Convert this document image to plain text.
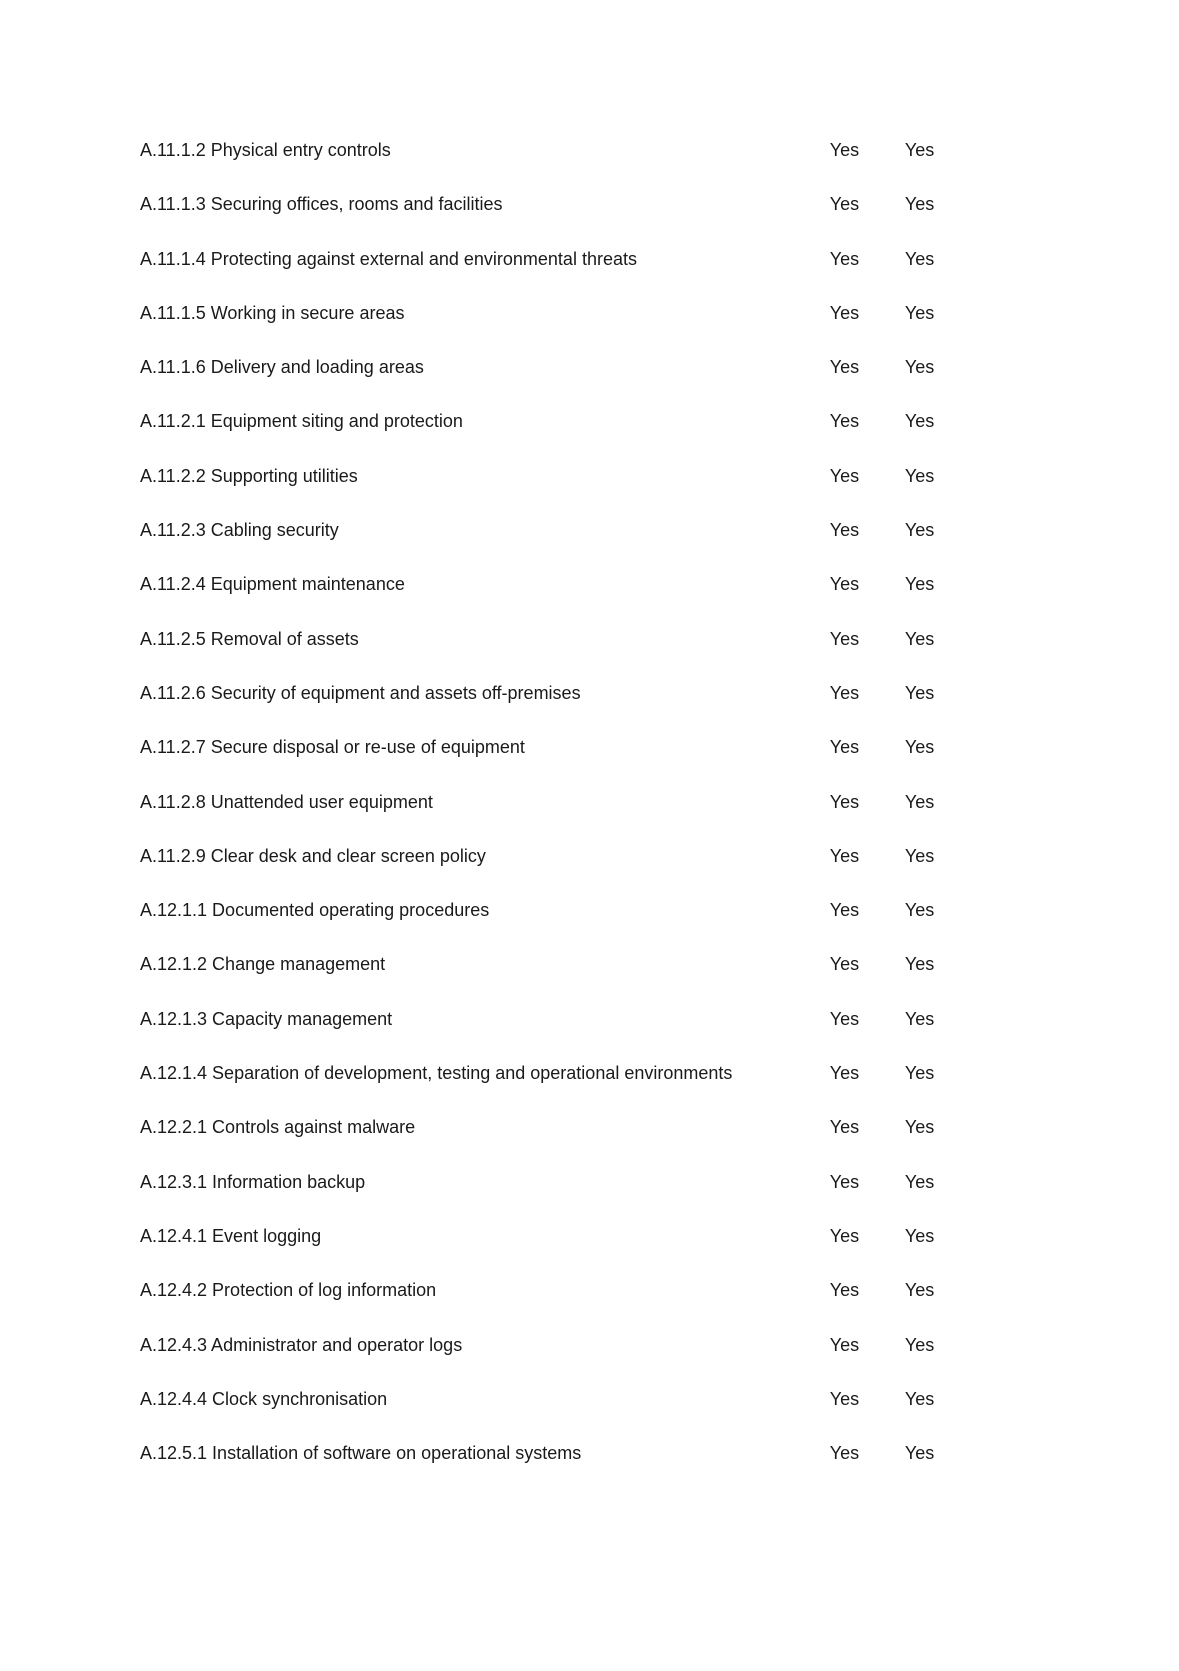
A.11.1.2 Physical entry controls	Yes	Yes
A.11.1.3 Securing offices, rooms and facilities	Yes	Yes
A.11.1.4 Protecting against external and environmental threats	Yes	Yes
A.11.1.5 Working in secure areas	Yes	Yes
A.11.1.6 Delivery and loading areas	Yes	Yes
A.11.2.1 Equipment siting and protection	Yes	Yes
A.11.2.2 Supporting utilities	Yes	Yes
A.11.2.3 Cabling security	Yes	Yes
A.11.2.4 Equipment maintenance	Yes	Yes
A.11.2.5 Removal of assets	Yes	Yes
A.11.2.6 Security of equipment and assets off-premises	Yes	Yes
A.11.2.7 Secure disposal or re-use of equipment	Yes	Yes
A.11.2.8 Unattended user equipment	Yes	Yes
A.11.2.9 Clear desk and clear screen policy	Yes	Yes
A.12.1.1 Documented operating procedures	Yes	Yes
A.12.1.2 Change management	Yes	Yes
A.12.1.3 Capacity management	Yes	Yes
A.12.1.4 Separation of development, testing and operational environments	Yes	Yes
A.12.2.1 Controls against malware	Yes	Yes
A.12.3.1 Information backup	Yes	Yes
A.12.4.1 Event logging	Yes	Yes
A.12.4.2 Protection of log information	Yes	Yes
A.12.4.3 Administrator and operator logs	Yes	Yes
A.12.4.4 Clock synchronisation	Yes	Yes
A.12.5.1 Installation of software on operational systems	Yes	Yes
